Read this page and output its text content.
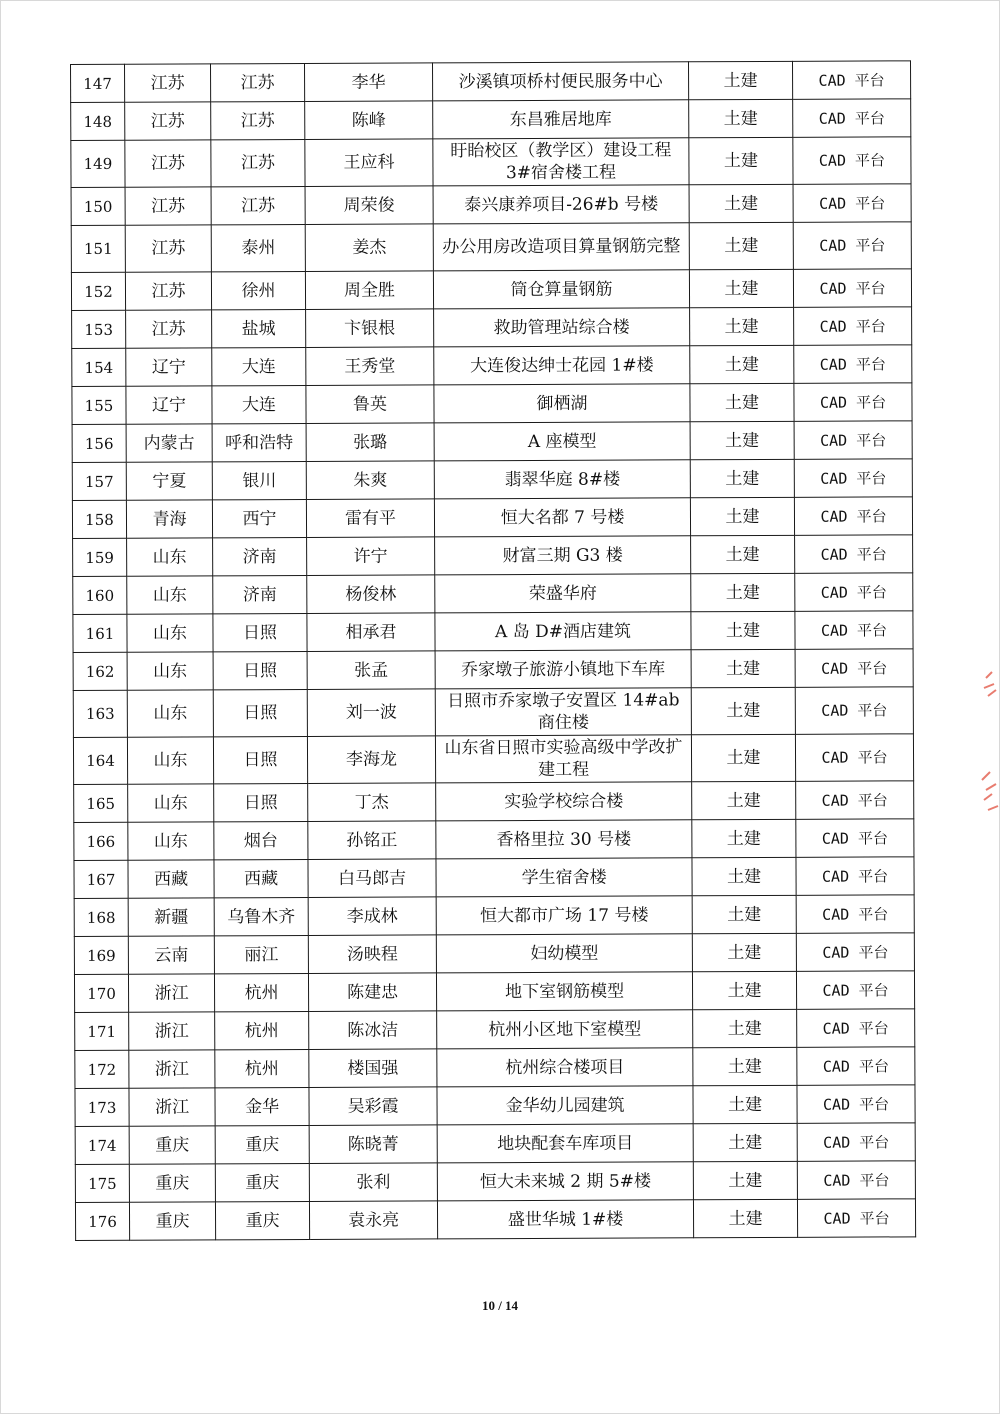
147	江苏	江苏	李华	沙溪镇项桥村便民服务中心	土建	CAD 平台
148	江苏	江苏	陈峰	东昌雅居地库	土建	CAD 平台
149	江苏	江苏	王应科	盱眙校区（教学区）建设工程 3#宿舍楼工程	土建	CAD 平台
150	江苏	江苏	周荣俊	泰兴康养项目-26#b 号楼	土建	CAD 平台
151	江苏	泰州	姜杰	办公用房改造项目算量钢筋完整	土建	CAD 平台
152	江苏	徐州	周全胜	筒仓算量钢筋	土建	CAD 平台
153	江苏	盐城	卞银根	救助管理站综合楼	土建	CAD 平台
154	辽宁	大连	王秀堂	大连俊达绅士花园 1#楼	土建	CAD 平台
155	辽宁	大连	鲁英	御栖湖	土建	CAD 平台
156	内蒙古	呼和浩特	张璐	A 座模型	土建	CAD 平台
157	宁夏	银川	朱爽	翡翠华庭 8#楼	土建	CAD 平台
158	青海	西宁	雷有平	恒大名都 7 号楼	土建	CAD 平台
159	山东	济南	许宁	财富三期 G3 楼	土建	CAD 平台
160	山东	济南	杨俊林	荣盛华府	土建	CAD 平台
161	山东	日照	相承君	A 岛 D#酒店建筑	土建	CAD 平台
162	山东	日照	张孟	乔家墩子旅游小镇地下车库	土建	CAD 平台
163	山东	日照	刘一波	日照市乔家墩子安置区 14#ab 商住楼	土建	CAD 平台
164	山东	日照	李海龙	山东省日照市实验高级中学改扩建工程	土建	CAD 平台
165	山东	日照	丁杰	实验学校综合楼	土建	CAD 平台
166	山东	烟台	孙铭正	香格里拉 30 号楼	土建	CAD 平台
167	西藏	西藏	白马郎吉	学生宿舍楼	土建	CAD 平台
168	新疆	乌鲁木齐	李成林	恒大都市广场 17 号楼	土建	CAD 平台
169	云南	丽江	汤映程	妇幼模型	土建	CAD 平台
170	浙江	杭州	陈建忠	地下室钢筋模型	土建	CAD 平台
171	浙江	杭州	陈冰洁	杭州小区地下室模型	土建	CAD 平台
172	浙江	杭州	楼国强	杭州综合楼项目	土建	CAD 平台
173	浙江	金华	吴彩霞	金华幼儿园建筑	土建	CAD 平台
174	重庆	重庆	陈晓菁	地块配套车库项目	土建	CAD 平台
175	重庆	重庆	张利	恒大未来城 2 期 5#楼	土建	CAD 平台
176	重庆	重庆	袁永亮	盛世华城 1#楼	土建	CAD 平台
10 / 14
